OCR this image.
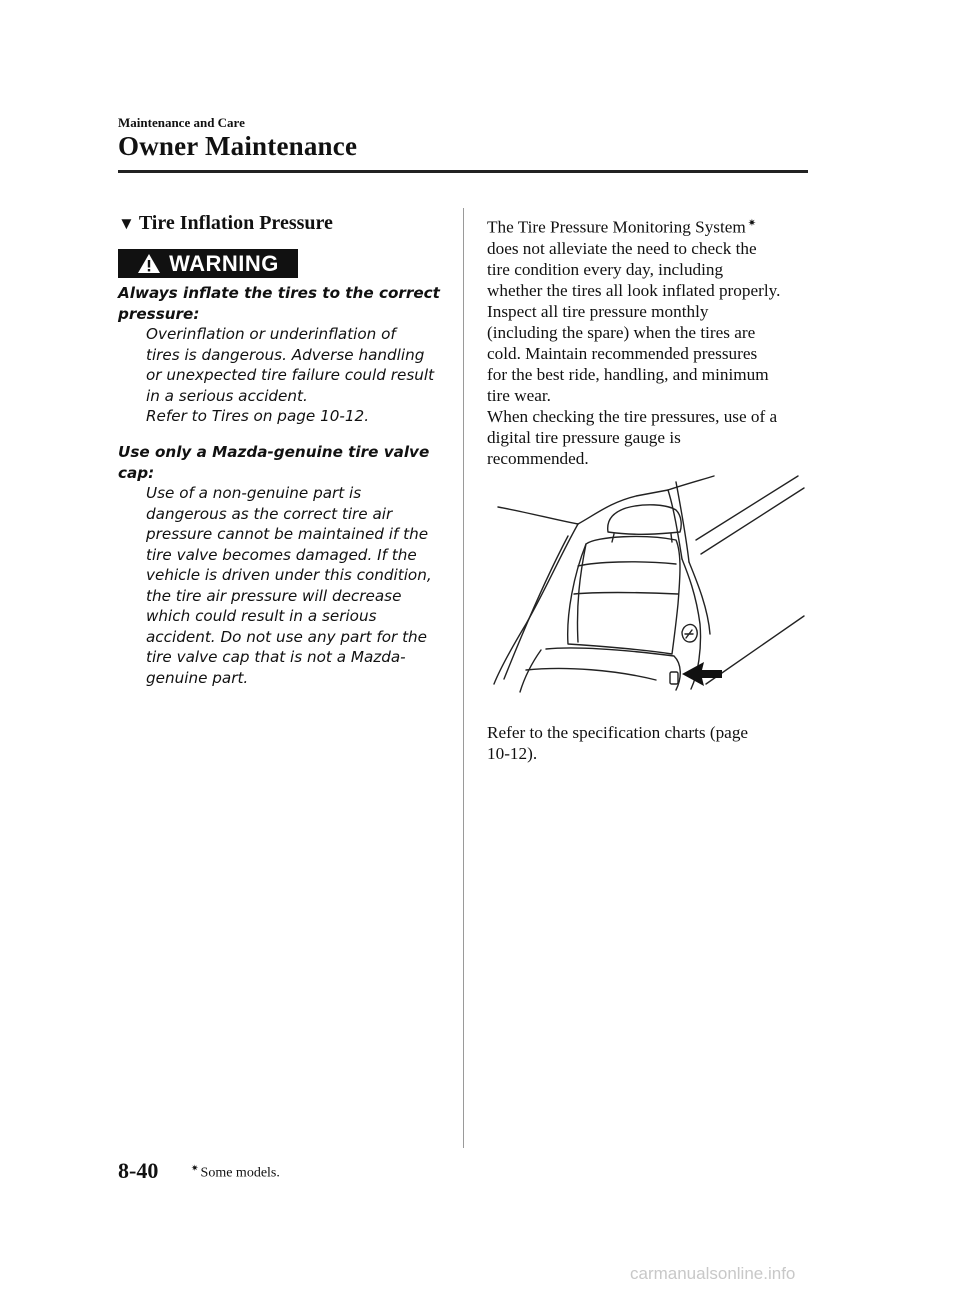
Maintenance and Care
Owner Maintenance
▼ Tire Inflation Pressure
WARNING
Always inflate the tires to the correct
pressure:
Overinflation or underinflation of
tires is dangerous. Adverse handling
or unexpected tire failure could result
in a serious accident.
Refer to Tires on page 10-12.
Use only a Mazda-genuine tire valve
cap:
Use of a non-genuine part is
dangerous as the correct tire air
pressure cannot be maintained if the
tire valve becomes damaged. If the
vehicle is driven under this condition,
the tire air pressure will decrease
which could result in a serious
accident. Do not use any part for the
tire valve cap that is not a Mazda-
genuine part.
The Tire Pressure Monitoring System ✷
does not alleviate the need to check the
tire condition every day, including
whether the tires all look inflated properly.
Inspect all tire pressure monthly
(including the spare) when the tires are
cold. Maintain recommended pressures
for the best ride, handling, and minimum
tire wear.
When checking the tire pressures, use of a
digital tire pressure gauge is
recommended.
Refer to the specification charts (page
10-12).
8-40	✷ Some models.
carmanualsonline.info
